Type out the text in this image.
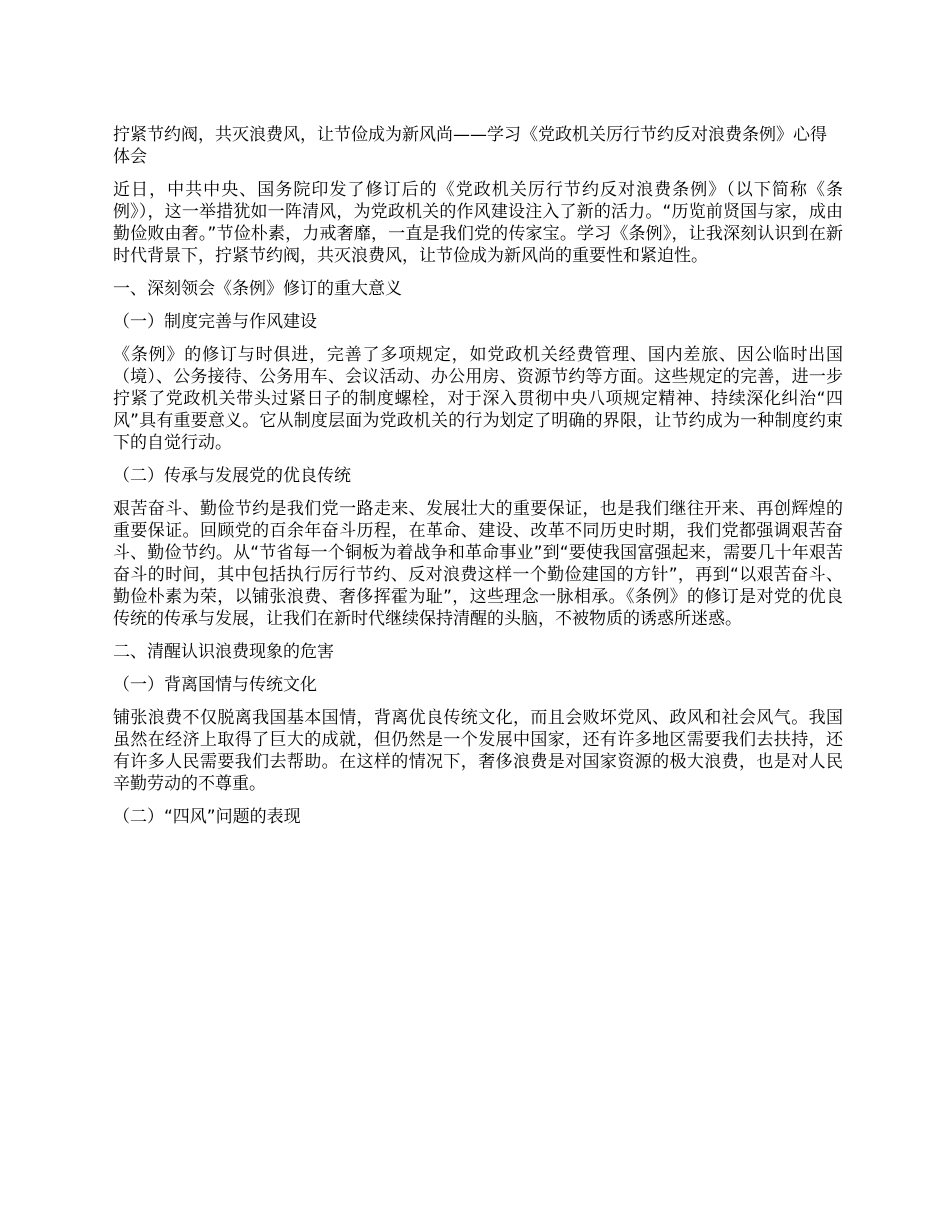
拧紧节约阀，共灭浪费风，让节俭成为新风尚——学习《党政机关厉行节约反对浪费条例》心得体会

近日，中共中央、国务院印发了修订后的《党政机关厉行节约反对浪费条例》（以下简称《条例》），这一举措犹如一阵清风，为党政机关的作风建设注入了新的活力。“历览前贤国与家，成由勤俭败由奢。”节俭朴素，力戒奢靡，一直是我们党的传家宝。学习《条例》，让我深刻认识到在新时代背景下，拧紧节约阀，共灭浪费风，让节俭成为新风尚的重要性和紧迫性。

一、深刻领会《条例》修订的重大意义

（一）制度完善与作风建设

《条例》的修订与时俱进，完善了多项规定，如党政机关经费管理、国内差旅、因公临时出国（境）、公务接待、公务用车、会议活动、办公用房、资源节约等方面。这些规定的完善，进一步拧紧了党政机关带头过紧日子的制度螺栓，对于深入贯彻中央八项规定精神、持续深化纠治“四风”具有重要意义。它从制度层面为党政机关的行为划定了明确的界限，让节约成为一种制度约束下的自觉行动。

（二）传承与发展党的优良传统

艰苦奋斗、勤俭节约是我们党一路走来、发展壮大的重要保证，也是我们继往开来、再创辉煌的重要保证。回顾党的百余年奋斗历程，在革命、建设、改革不同历史时期，我们党都强调艰苦奋斗、勤俭节约。从“节省每一个铜板为着战争和革命事业”到“要使我国富强起来，需要几十年艰苦奋斗的时间，其中包括执行厉行节约、反对浪费这样一个勤俭建国的方针”，再到“以艰苦奋斗、勤俭朴素为荣，以铺张浪费、奢侈挥霍为耻”，这些理念一脉相承。《条例》的修订是对党的优良传统的传承与发展，让我们在新时代继续保持清醒的头脑，不被物质的诱惑所迷惑。

二、清醒认识浪费现象的危害

（一）背离国情与传统文化

铺张浪费不仅脱离我国基本国情，背离优良传统文化，而且会败坏党风、政风和社会风气。我国虽然在经济上取得了巨大的成就，但仍然是一个发展中国家，还有许多地区需要我们去扶持，还有许多人民需要我们去帮助。在这样的情况下，奢侈浪费是对国家资源的极大浪费，也是对人民辛勤劳动的不尊重。

（二）“四风”问题的表现
